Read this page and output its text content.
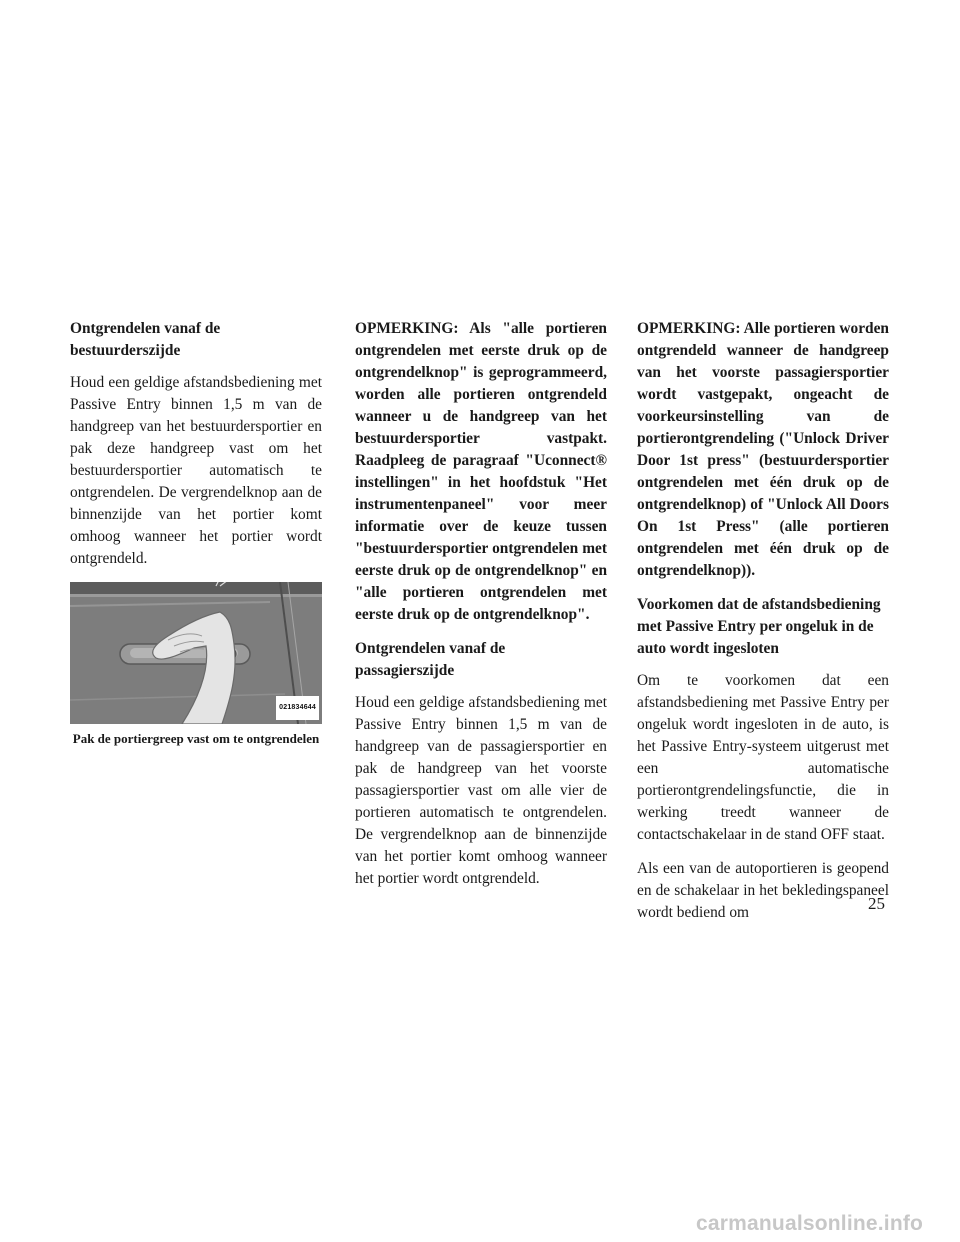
Ontgrendelen vanaf de bestuurderszijde

Houd een geldige afstandsbediening met Passive Entry binnen 1,5 m van de handgreep van het bestuurdersportier en pak deze handgreep vast om het bestuurdersportier automatisch te ontgrendelen. De vergrendelknop aan de binnenzijde van het portier komt omhoog wanneer het portier wordt ontgrendeld.

021834644
Pak de portiergreep vast om te ontgrendelen

OPMERKING: Als "alle portieren ontgrendelen met eerste druk op de ontgrendelknop" is geprogrammeerd, worden alle portieren ontgrendeld wanneer u de handgreep van het bestuurdersportier vastpakt. Raadpleeg de paragraaf "Uconnect® instellingen" in het hoofdstuk "Het instrumentenpaneel" voor meer informatie over de keuze tussen "bestuurdersportier ontgrendelen met eerste druk op de ontgrendelknop" en "alle portieren ontgrendelen met eerste druk op de ontgrendelknop".

Ontgrendelen vanaf de passagierszijde

Houd een geldige afstandsbediening met Passive Entry binnen 1,5 m van de handgreep van de passagiersportier en pak de handgreep van het voorste passagiersportier vast om alle vier de portieren automatisch te ontgrendelen. De vergrendelknop aan de binnenzijde van het portier komt omhoog wanneer het portier wordt ontgrendeld.

OPMERKING: Alle portieren worden ontgrendeld wanneer de handgreep van het voorste passagiersportier wordt vastgepakt, ongeacht de voorkeursinstelling van de portierontgrendeling ("Unlock Driver Door 1st press" (bestuurdersportier ontgrendelen met één druk op de ontgrendelknop) of "Unlock All Doors On 1st Press" (alle portieren ontgrendelen met één druk op de ontgrendelknop)).

Voorkomen dat de afstandsbediening met Passive Entry per ongeluk in de auto wordt ingesloten

Om te voorkomen dat een afstandsbediening met Passive Entry per ongeluk wordt ingesloten in de auto, is het Passive Entry-systeem uitgerust met een automatische portierontgrendelingsfunctie, die in werking treedt wanneer de contactschakelaar in de stand OFF staat.

Als een van de autoportieren is geopend en de schakelaar in het bekledingspaneel wordt bediend om	25
carmanualsonline.info
